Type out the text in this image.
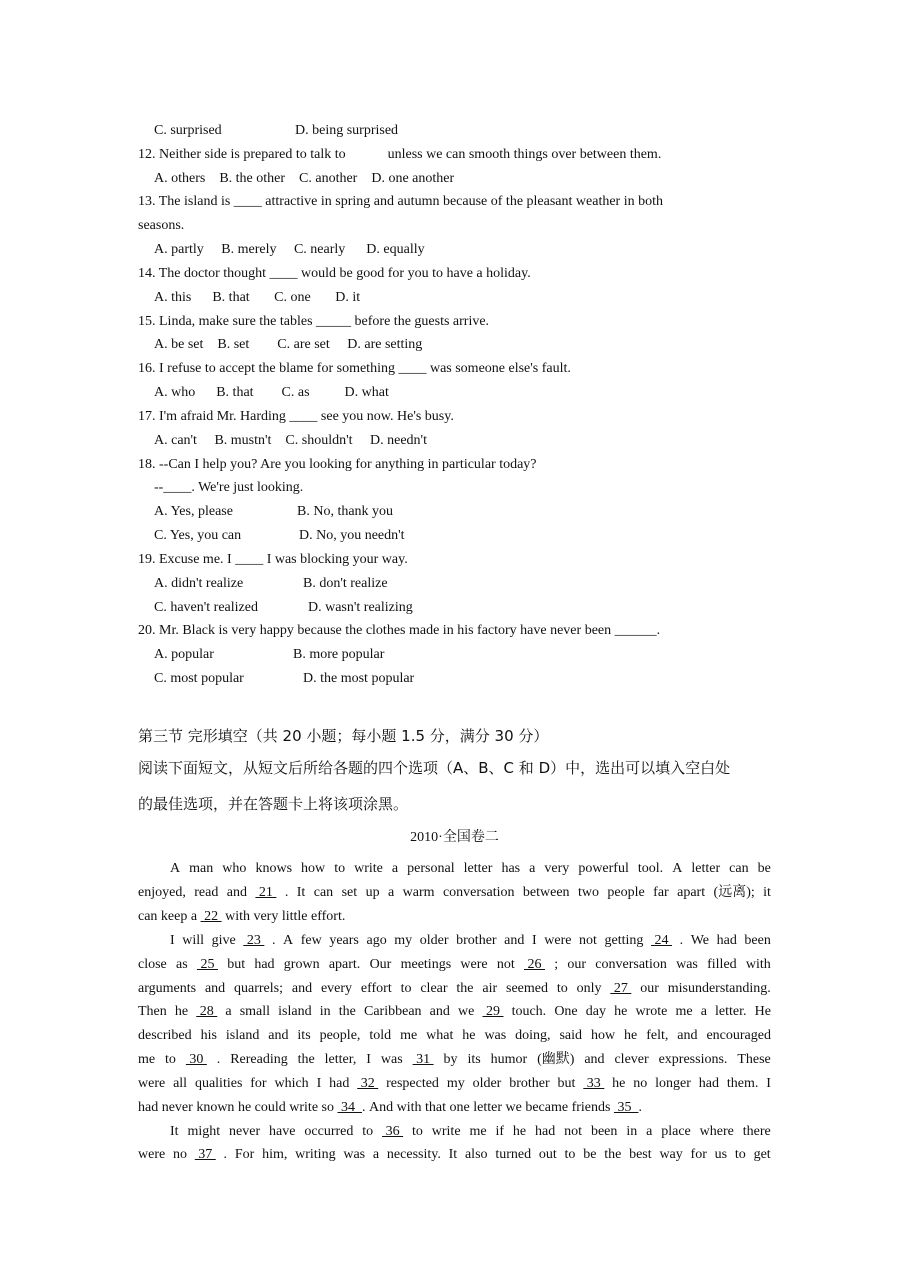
C. surprised	D. being surprised
12. Neither side is prepared to talk to            unless we can smooth things over between them.
A. others    B. the other    C. another    D. one another
13. The island is ____ attractive in spring and autumn because of the pleasant weather in both
seasons.
A. partly     B. merely     C. nearly      D. equally
14. The doctor thought ____ would be good for you to have a holiday.
A. this      B. that       C. one       D. it
15. Linda, make sure the tables _____ before the guests arrive.
A. be set    B. set        C. are set     D. are setting
16. I refuse to accept the blame for something ____ was someone else's fault.
A. who      B. that        C. as          D. what
17. I'm afraid Mr. Harding ____ see you now. He's busy.
A. can't     B. mustn't    C. shouldn't     D. needn't
18. --Can I help you? Are you looking for anything in particular today?
--____. We're just looking.
A. Yes, please	B. No, thank you
C. Yes, you can	D. No, you needn't
19. Excuse me. I ____ I was blocking your way.
A. didn't realize	B. don't realize
C. haven't realized	D. wasn't realizing
20. Mr. Black is very happy because the clothes made in his factory have never been ______.
A. popular	B. more popular
C. most popular	D. the most popular
第三节 完形填空（共 20 小题；每小题 1.5 分，满分 30 分）
阅读下面短文，从短文后所给各题的四个选项（A、B、C 和 D）中，选出可以填入空白处
的最佳选项，并在答题卡上将该项涂黑。
2010·全国卷二
A man who knows how to write a personal letter has a very powerful tool. A letter can be
enjoyed, read and 21 . It can set up a warm conversation between two people far apart (远离); it
can keep a 22 with very little effort.
I will give 23 . A few years ago my older brother and I were not getting 24 . We had been
close as 25 but had grown apart. Our meetings were not 26 ; our conversation was filled with
arguments and quarrels; and every effort to clear the air seemed to only 27 our misunderstanding.
Then he 28 a small island in the Caribbean and we 29 touch. One day he wrote me a letter. He
described his island and its people, told me what he was doing, said how he felt, and encouraged
me to 30 . Rereading the letter, I was 31 by its humor (幽默) and clever expressions. These
were all qualities for which I had 32 respected my older brother but 33 he no longer had them. I
had never known he could write so 34 . And with that one letter we became friends 35 .
It might never have occurred to 36 to write me if he had not been in a place where there
were no 37 . For him, writing was a necessity. It also turned out to be the best way for us to get
